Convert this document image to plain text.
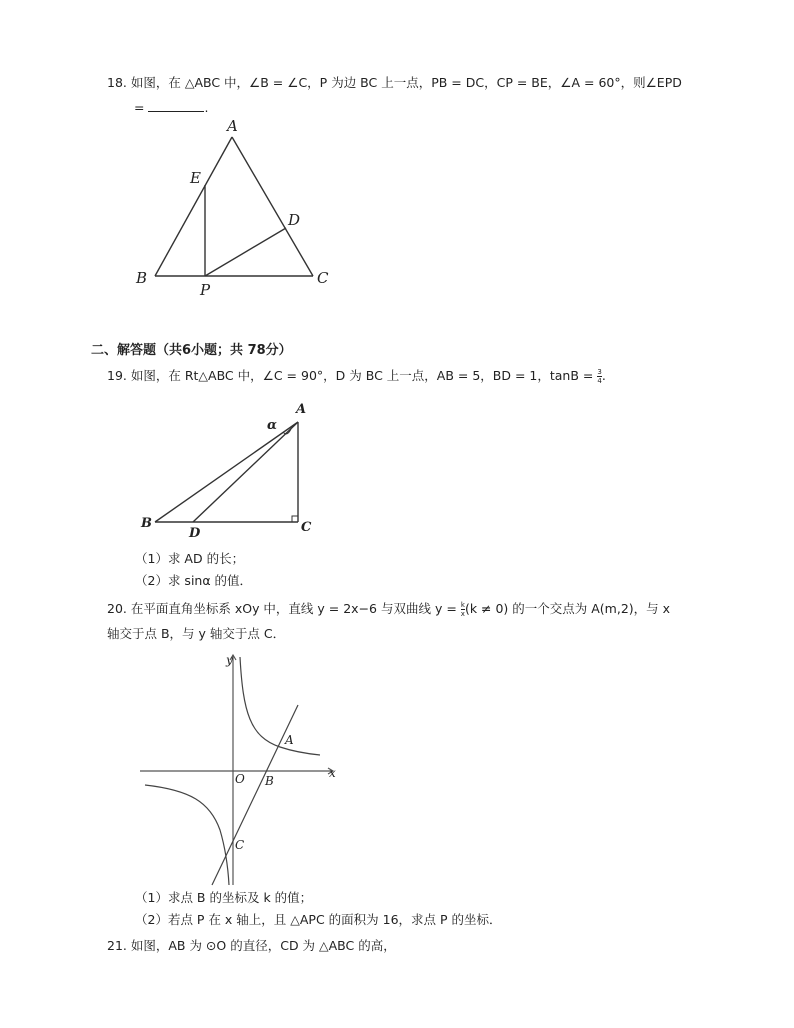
18. 如图，在 △ABC 中，∠B = ∠C，P 为边 BC 上一点，PB = DC，CP = BE，∠A = 60°，则∠EPD
=	.
A
B	C
D
E
P
二、解答题（共6小题；共 78分）
19. 如图，在 Rt△ABC 中，∠C = 90°，D 为 BC 上一点，AB = 5，BD = 1，$\tan B = \frac{3}{4}$ .
A
B	C
D
α
（1）求 AD 的长；
（2）求 sinα 的值．
20. 在平面直角坐标系 xOy 中，直线 y = 2x−6 与双曲线 $y = \frac{k}{x} (k \ne 0)$ 的一个交点为 A(m,2)，与 x
轴交于点 B，与 y 轴交于点 C．
y
x
O
A
B
C
（1）求点 B 的坐标及 k 的值；
（2）若点 P 在 x 轴上，且 △APC 的面积为 16，求点 P 的坐标．
21. 如图，AB 为 ⊙O 的直径，CD 为 △ABC 的高，
